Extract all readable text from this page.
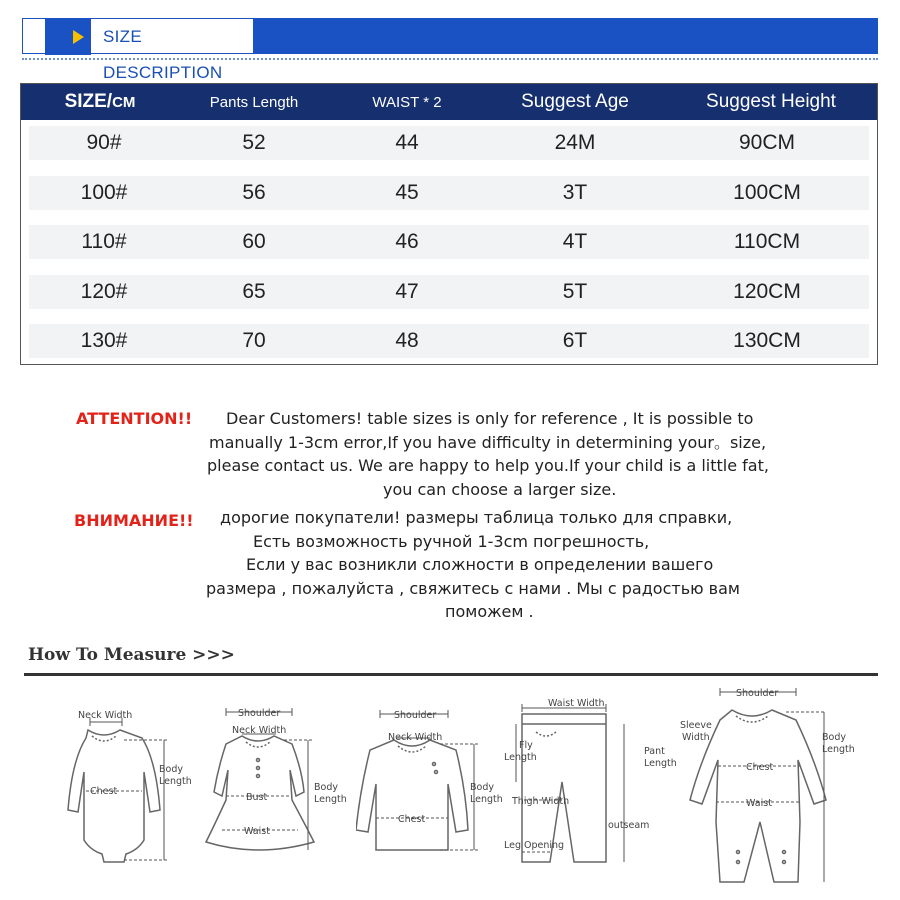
SIZE DESCRIPTION
SIZE/CM	Pants Length	WAIST * 2	Suggest Age	Suggest Height
90#	52	44	24M	90CM
100#	56	45	3T	100CM
110#	60	46	4T	110CM
120#	65	47	5T	120CM
130#	70	48	6T	130CM
ATTENTION!! Dear Customers! table sizes is only for reference , It is possible to
manually 1-3cm error,If you have difficulty in determining your。size,
please contact us. We are happy to help you.If your child is a little fat,
you can choose a larger size.
ВНИМАНИЕ!! дорогие покупатели! размеры таблица только для справки,
Есть возможность ручной 1-3cm погрешность,
Если у вас возникли сложности в определении вашего
размера , пожалуйста , свяжитесь с нами . Мы с радостью вам
поможем .
How To Measure >>>
Neck Width
Chest
Body
Length
Shoulder
Neck Width
Bust
Waist
Body
Length
Shoulder
Neck Width
Chest
Body
Length
Waist Width
Fly
Length
Pant
Length
Thigh Width
outseam
Leg Opening
Shoulder
Sleeve
Width
Chest
Waist
Body
Length
